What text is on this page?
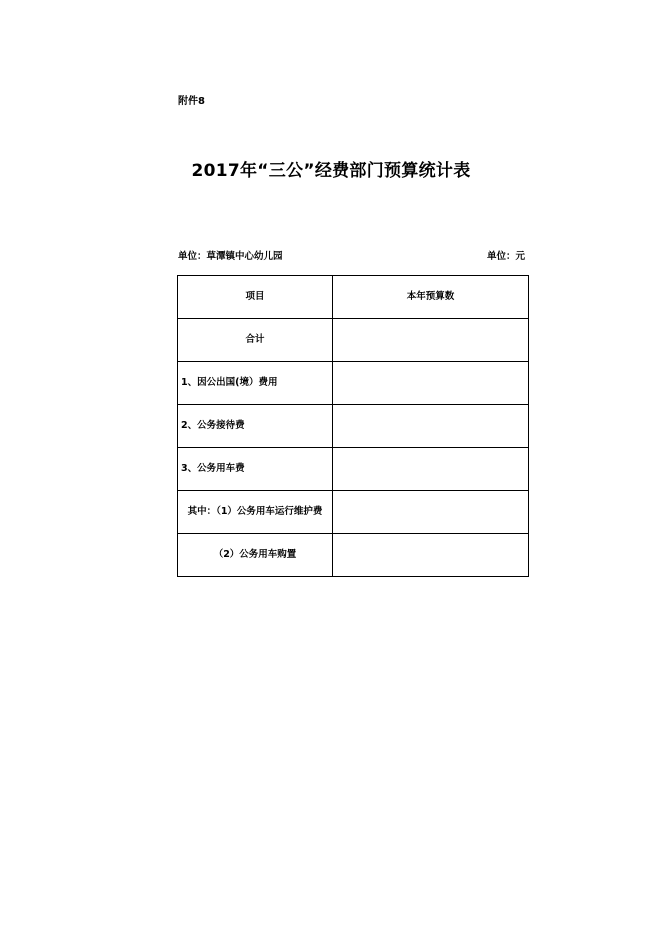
附件8
2017年“三公”经费部门预算统计表
单位：草潭镇中心幼儿园	单位：元
项目	本年预算数
合计	
1、因公出国(境）费用	
2、公务接待费	
3、公务用车费	
其中：（1）公务用车运行维护费	
（2）公务用车购置	
